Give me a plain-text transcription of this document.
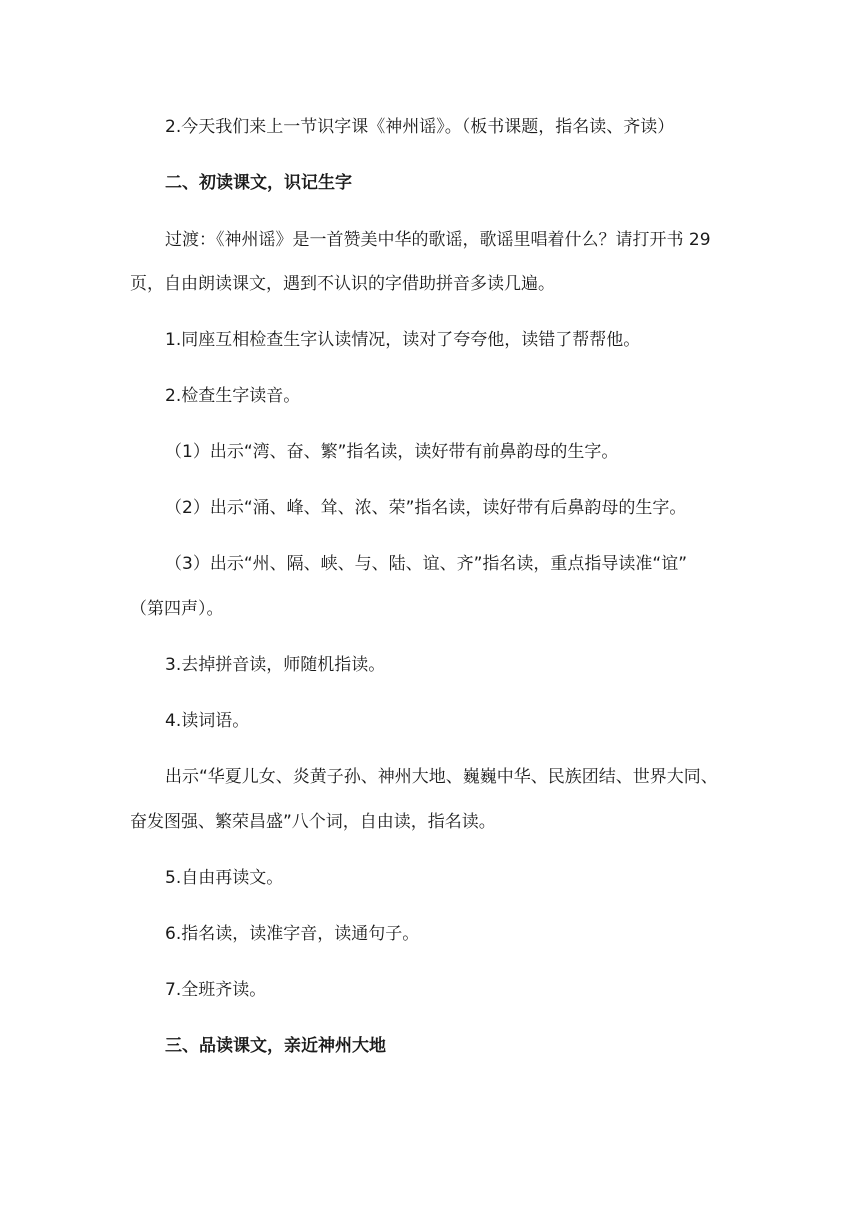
2.今天我们来上一节识字课《神州谣》。（板书课题，指名读、齐读）
二、初读课文，识记生字
过渡：《神州谣》是一首赞美中华的歌谣，歌谣里唱着什么？请打开书 29
页，自由朗读课文，遇到不认识的字借助拼音多读几遍。
1.同座互相检查生字认读情况，读对了夸夸他，读错了帮帮他。
2.检查生字读音。
（1）出示“湾、奋、繁”指名读，读好带有前鼻韵母的生字。
（2）出示“涌、峰、耸、浓、荣”指名读，读好带有后鼻韵母的生字。
（3）出示“州、隔、峡、与、陆、谊、齐”指名读，重点指导读准“谊”
（第四声）。
3.去掉拼音读，师随机指读。
4.读词语。
出示“华夏儿女、炎黄子孙、神州大地、巍巍中华、民族团结、世界大同、
奋发图强、繁荣昌盛”八个词，自由读，指名读。
5.自由再读文。
6.指名读，读准字音，读通句子。
7.全班齐读。
三、品读课文，亲近神州大地
